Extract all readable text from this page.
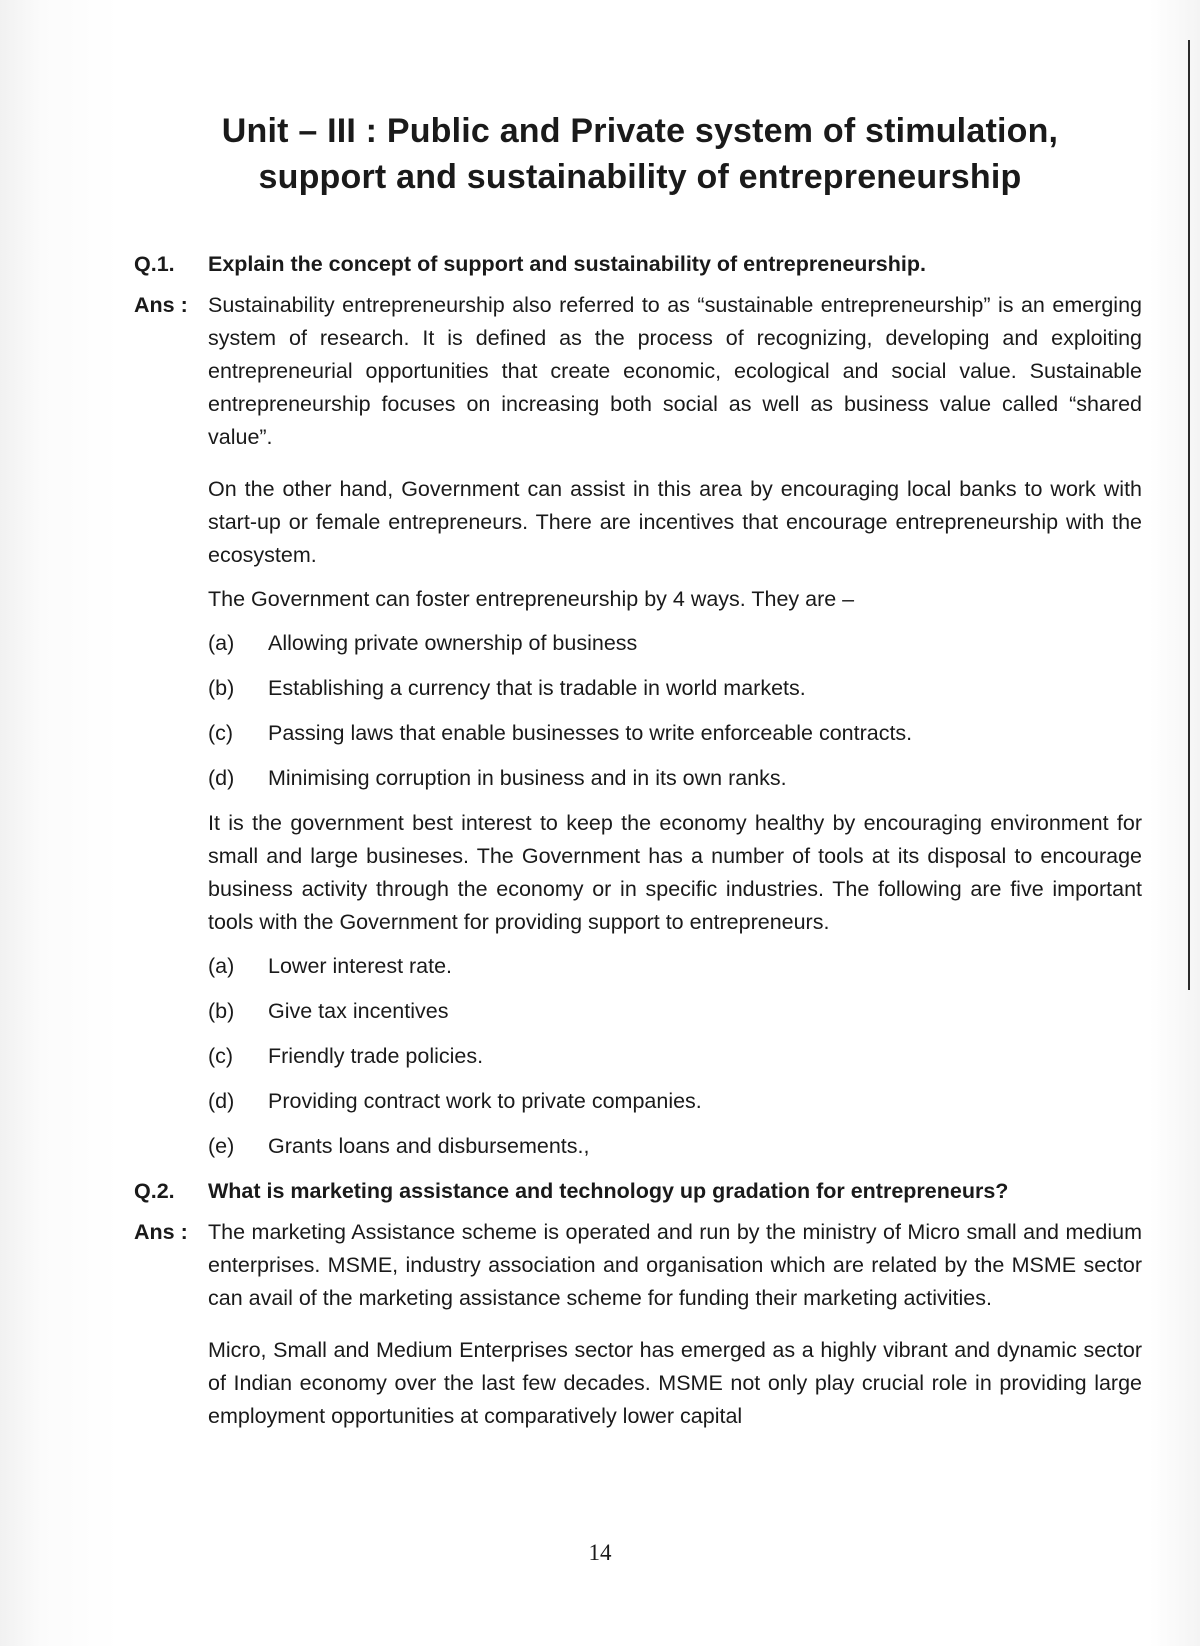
Unit – III : Public and Private system of stimulation,
support and sustainability of entrepreneurship
Q.1.	Explain the concept of support and sustainability of entrepreneurship.
Ans : Sustainability entrepreneurship also referred to as “sustainable entrepreneurship” is an emerging system of research. It is defined as the process of recognizing, developing and exploiting entrepreneurial opportunities that create economic, ecological and social value. Sustainable entrepreneurship focuses on increasing both social as well as business value called “shared value”.

On the other hand, Government can assist in this area by encouraging local banks to work with start-up or female entrepreneurs. There are incentives that encourage entrepreneurship with the ecosystem.

The Government can foster entrepreneurship by 4 ways. They are –

(a)	Allowing private ownership of business
(b)	Establishing a currency that is tradable in world markets.
(c)	Passing laws that enable businesses to write enforceable contracts.
(d)	Minimising corruption in business and in its own ranks.

It is the government best interest to keep the economy healthy by encouraging environment for small and large busineses. The Government has a number of tools at its disposal to encourage business activity through the economy or in specific industries. The following are five important tools with the Government for providing support to entrepreneurs.

(a)	Lower interest rate.
(b)	Give tax incentives
(c)	Friendly trade policies.
(d)	Providing contract work to private companies.
(e)	Grants loans and disbursements.,
Q.2.	What is marketing assistance and technology up gradation for entrepreneurs?
Ans : The marketing Assistance scheme is operated and run by the ministry of Micro small and medium enterprises. MSME, industry association and organisation which are related by the MSME sector can avail of the marketing assistance scheme for funding their marketing activities.

Micro, Small and Medium Enterprises sector has emerged as a highly vibrant and dynamic sector of Indian economy over the last few decades. MSME not only play crucial role in providing large employment opportunities at comparatively lower capital

14
